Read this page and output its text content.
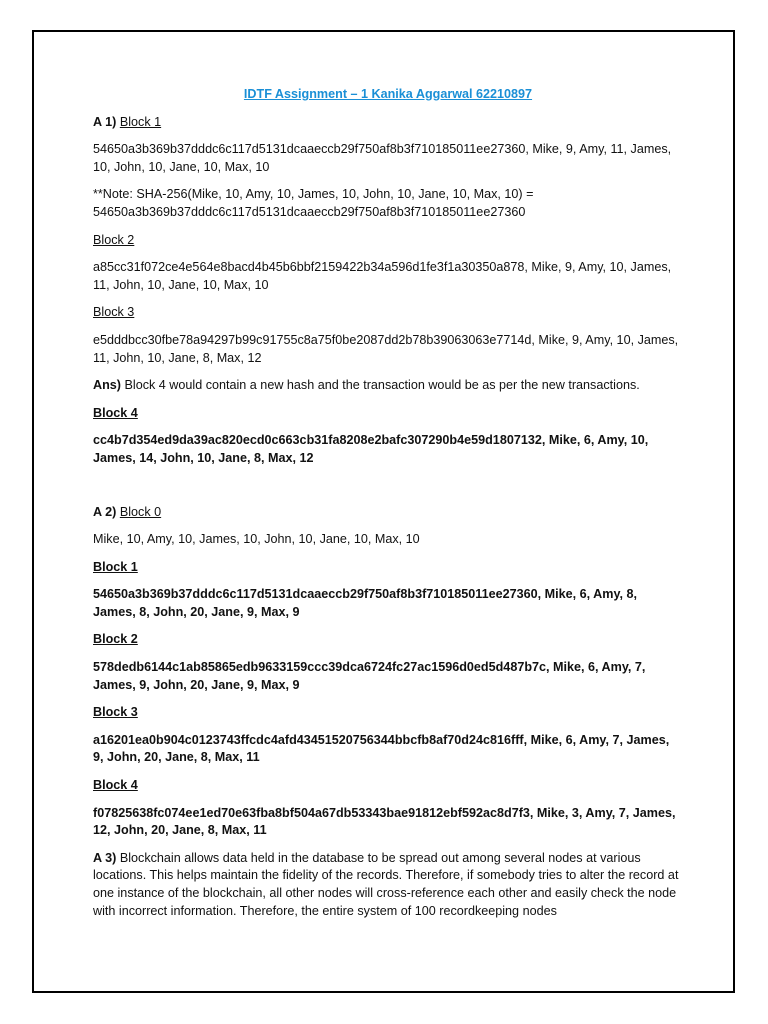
IDTF Assignment – 1 Kanika Aggarwal 62210897

A 1) Block 1

54650a3b369b37dddc6c117d5131dcaaeccb29f750af8b3f710185011ee27360, Mike, 9, Amy, 11, James, 10, John, 10, Jane, 10, Max, 10

**Note: SHA-256(Mike, 10, Amy, 10, James, 10, John, 10, Jane, 10, Max, 10) = 54650a3b369b37dddc6c117d5131dcaaeccb29f750af8b3f710185011ee27360

Block 2

a85cc31f072ce4e564e8bacd4b45b6bbf2159422b34a596d1fe3f1a30350a878, Mike, 9, Amy, 10, James, 11, John, 10, Jane, 10, Max, 10

Block 3

e5dddbcc30fbe78a94297b99c91755c8a75f0be2087dd2b78b39063063e7714d, Mike, 9, Amy, 10, James, 11, John, 10, Jane, 8, Max, 12

Ans) Block 4 would contain a new hash and the transaction would be as per the new transactions.

Block 4

cc4b7d354ed9da39ac820ecd0c663cb31fa8208e2bafc307290b4e59d1807132, Mike, 6, Amy, 10, James, 14, John, 10, Jane, 8, Max, 12

A 2) Block 0

Mike, 10, Amy, 10, James, 10, John, 10, Jane, 10, Max, 10

Block 1

54650a3b369b37dddc6c117d5131dcaaeccb29f750af8b3f710185011ee27360, Mike, 6, Amy, 8, James, 8, John, 20, Jane, 9, Max, 9

Block 2

578dedb6144c1ab85865edb9633159ccc39dca6724fc27ac1596d0ed5d487b7c, Mike, 6, Amy, 7, James, 9, John, 20, Jane, 9, Max, 9

Block 3

a16201ea0b904c0123743ffcdc4afd43451520756344bbcfb8af70d24c816fff, Mike, 6, Amy, 7, James, 9, John, 20, Jane, 8, Max, 11

Block 4

f07825638fc074ee1ed70e63fba8bf504a67db53343bae91812ebf592ac8d7f3, Mike, 3, Amy, 7, James, 12, John, 20, Jane, 8, Max, 11

A 3) Blockchain allows data held in the database to be spread out among several nodes at various locations. This helps maintain the fidelity of the records. Therefore, if somebody tries to alter the record at one instance of the blockchain, all other nodes will cross-reference each other and easily check the node with incorrect information. Therefore, the entire system of 100 recordkeeping nodes
